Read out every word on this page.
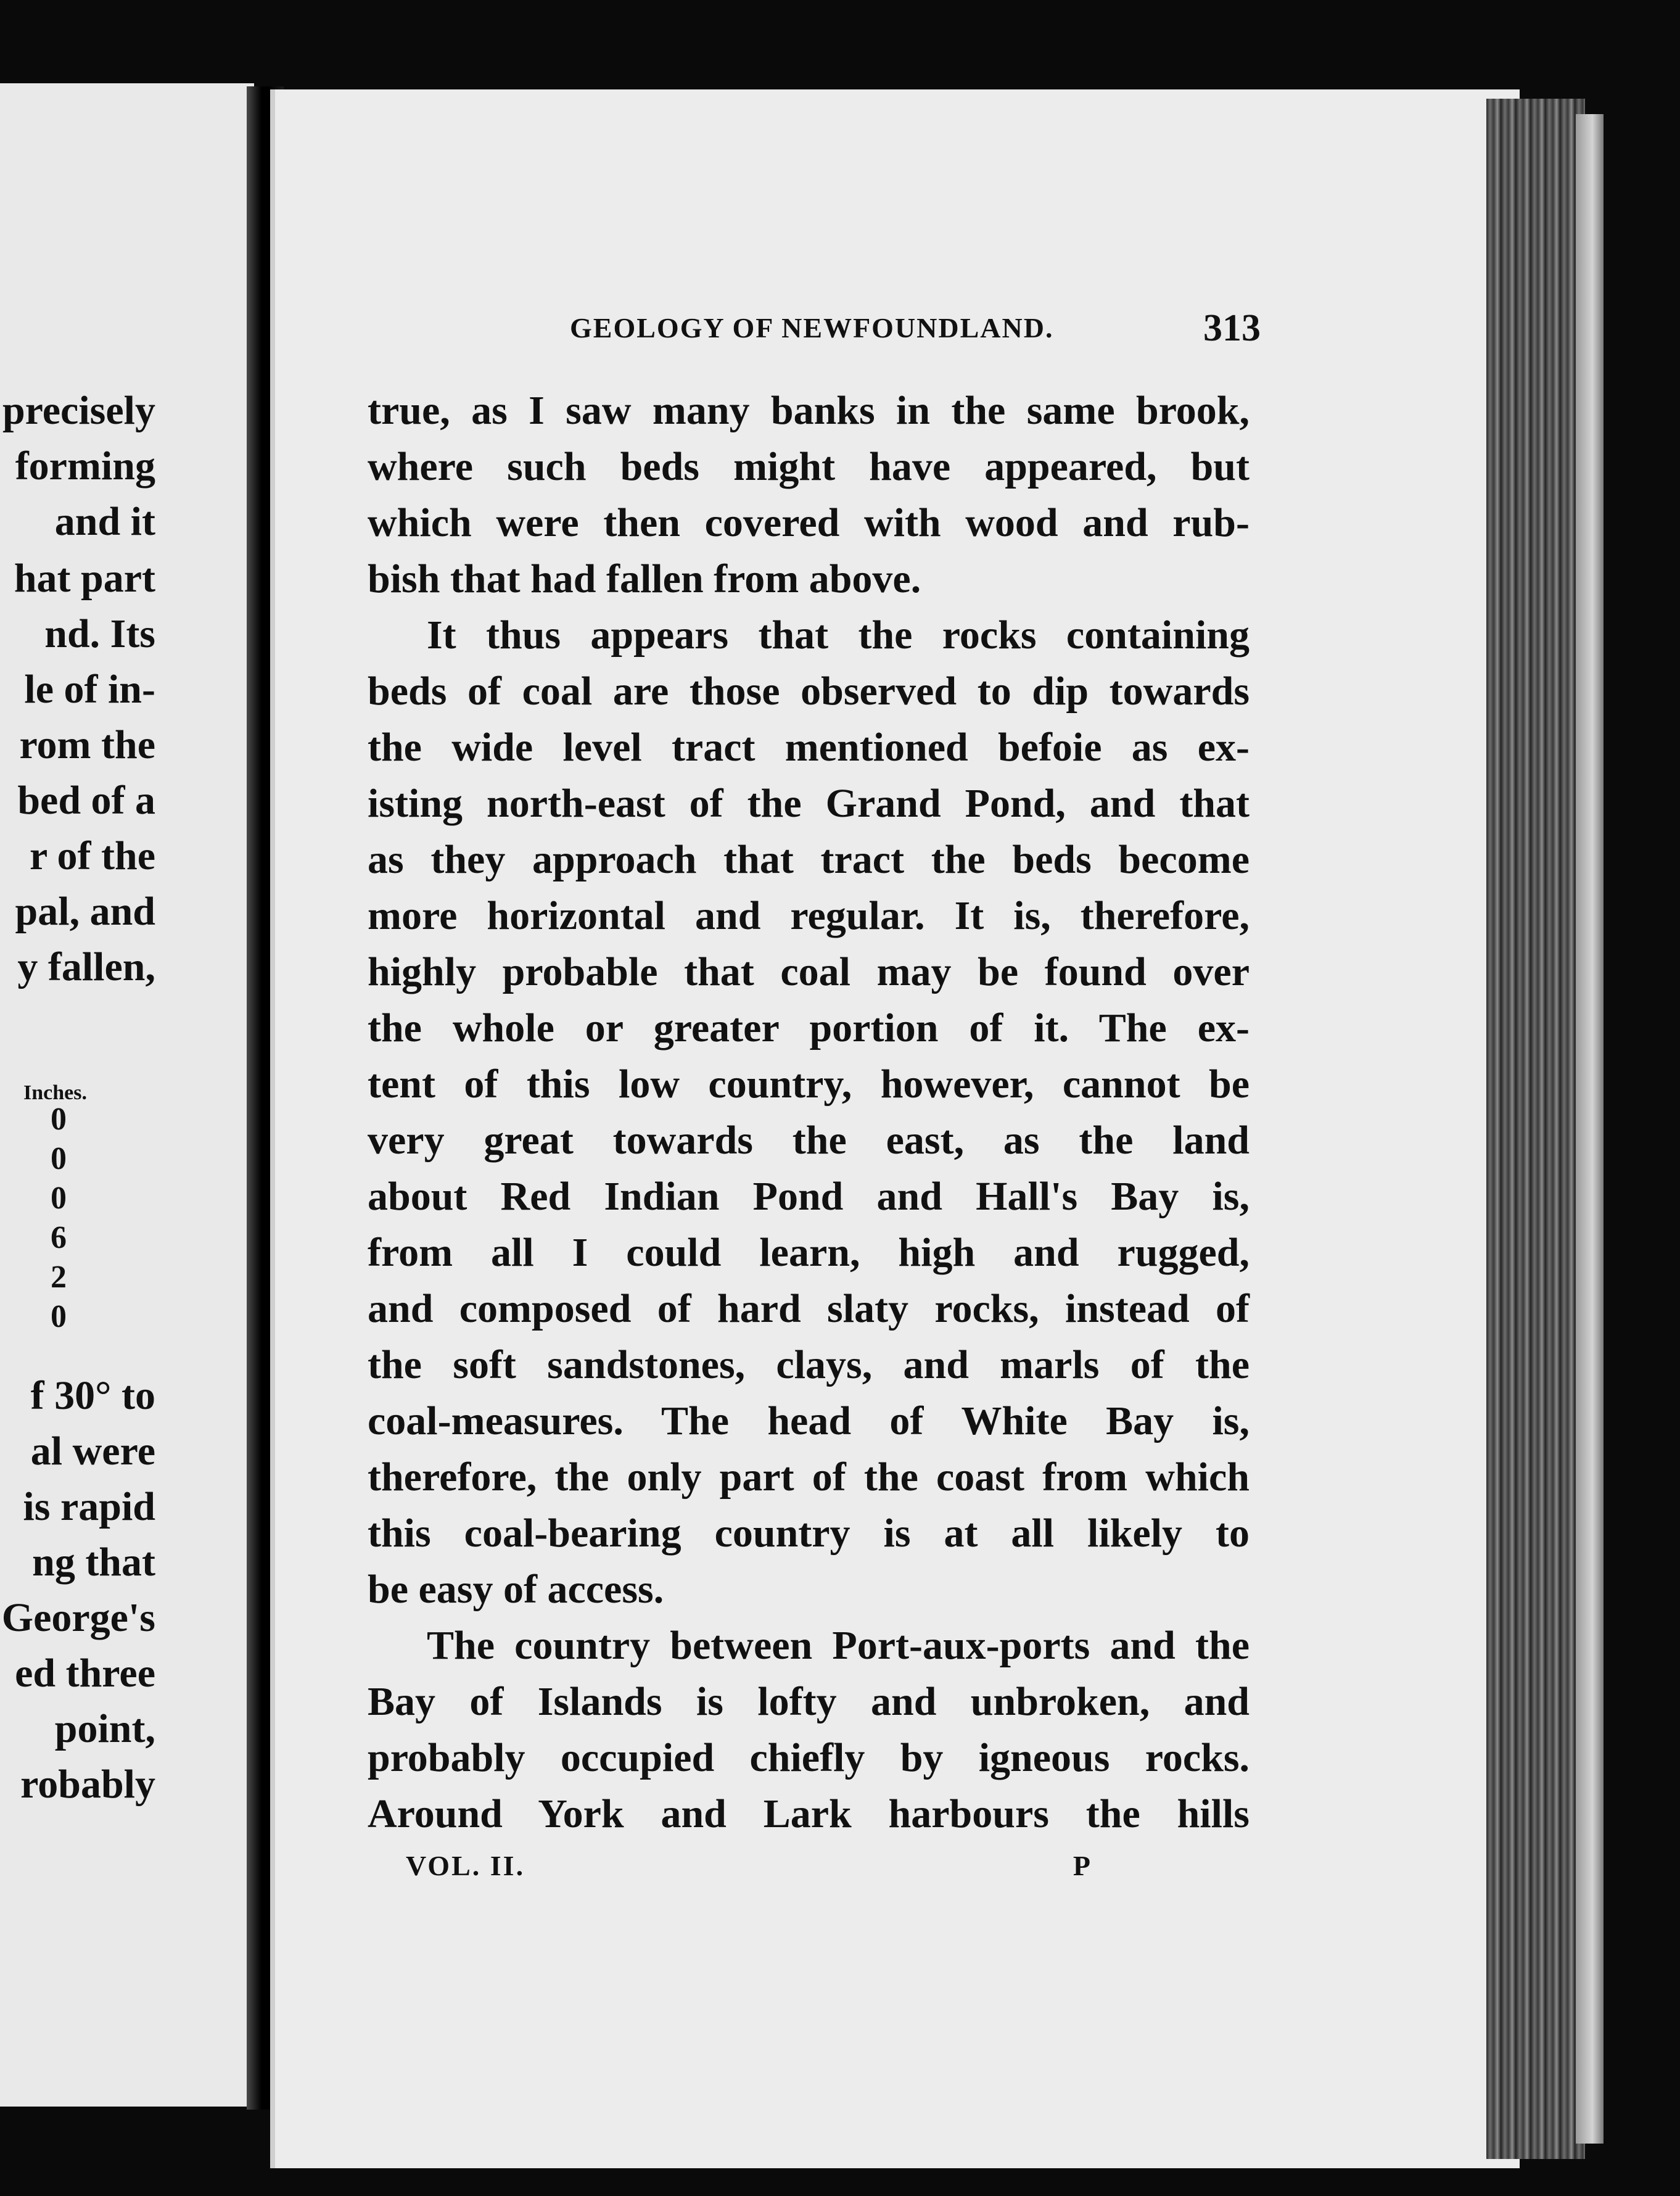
precisely
forming
and it
hat part
nd. Its
le of in-
rom the
bed of a
r of the
pal, and
y fallen,
Inches.
0
0
0
6
2
0
f 30° to
al were
is rapid
ng that
George's
ed three
point,
robably
GEOLOGY OF NEWFOUNDLAND.	313
true, as I saw many banks in the same brook,
where such beds might have appeared, but
which were then covered with wood and rub-
bish that had fallen from above.
It thus appears that the rocks containing
beds of coal are those observed to dip towards
the wide level tract mentioned befoie as ex-
isting north-east of the Grand Pond, and that
as they approach that tract the beds become
more horizontal and regular. It is, therefore,
highly probable that coal may be found over
the whole or greater portion of it. The ex-
tent of this low country, however, cannot be
very great towards the east, as the land
about Red Indian Pond and Hall's Bay is,
from all I could learn, high and rugged,
and composed of hard slaty rocks, instead of
the soft sandstones, clays, and marls of the
coal-measures. The head of White Bay is,
therefore, the only part of the coast from which
this coal-bearing country is at all likely to
be easy of access.
The country between Port-aux-ports and the
Bay of Islands is lofty and unbroken, and
probably occupied chiefly by igneous rocks.
Around York and Lark harbours the hills
VOL. II.	P
